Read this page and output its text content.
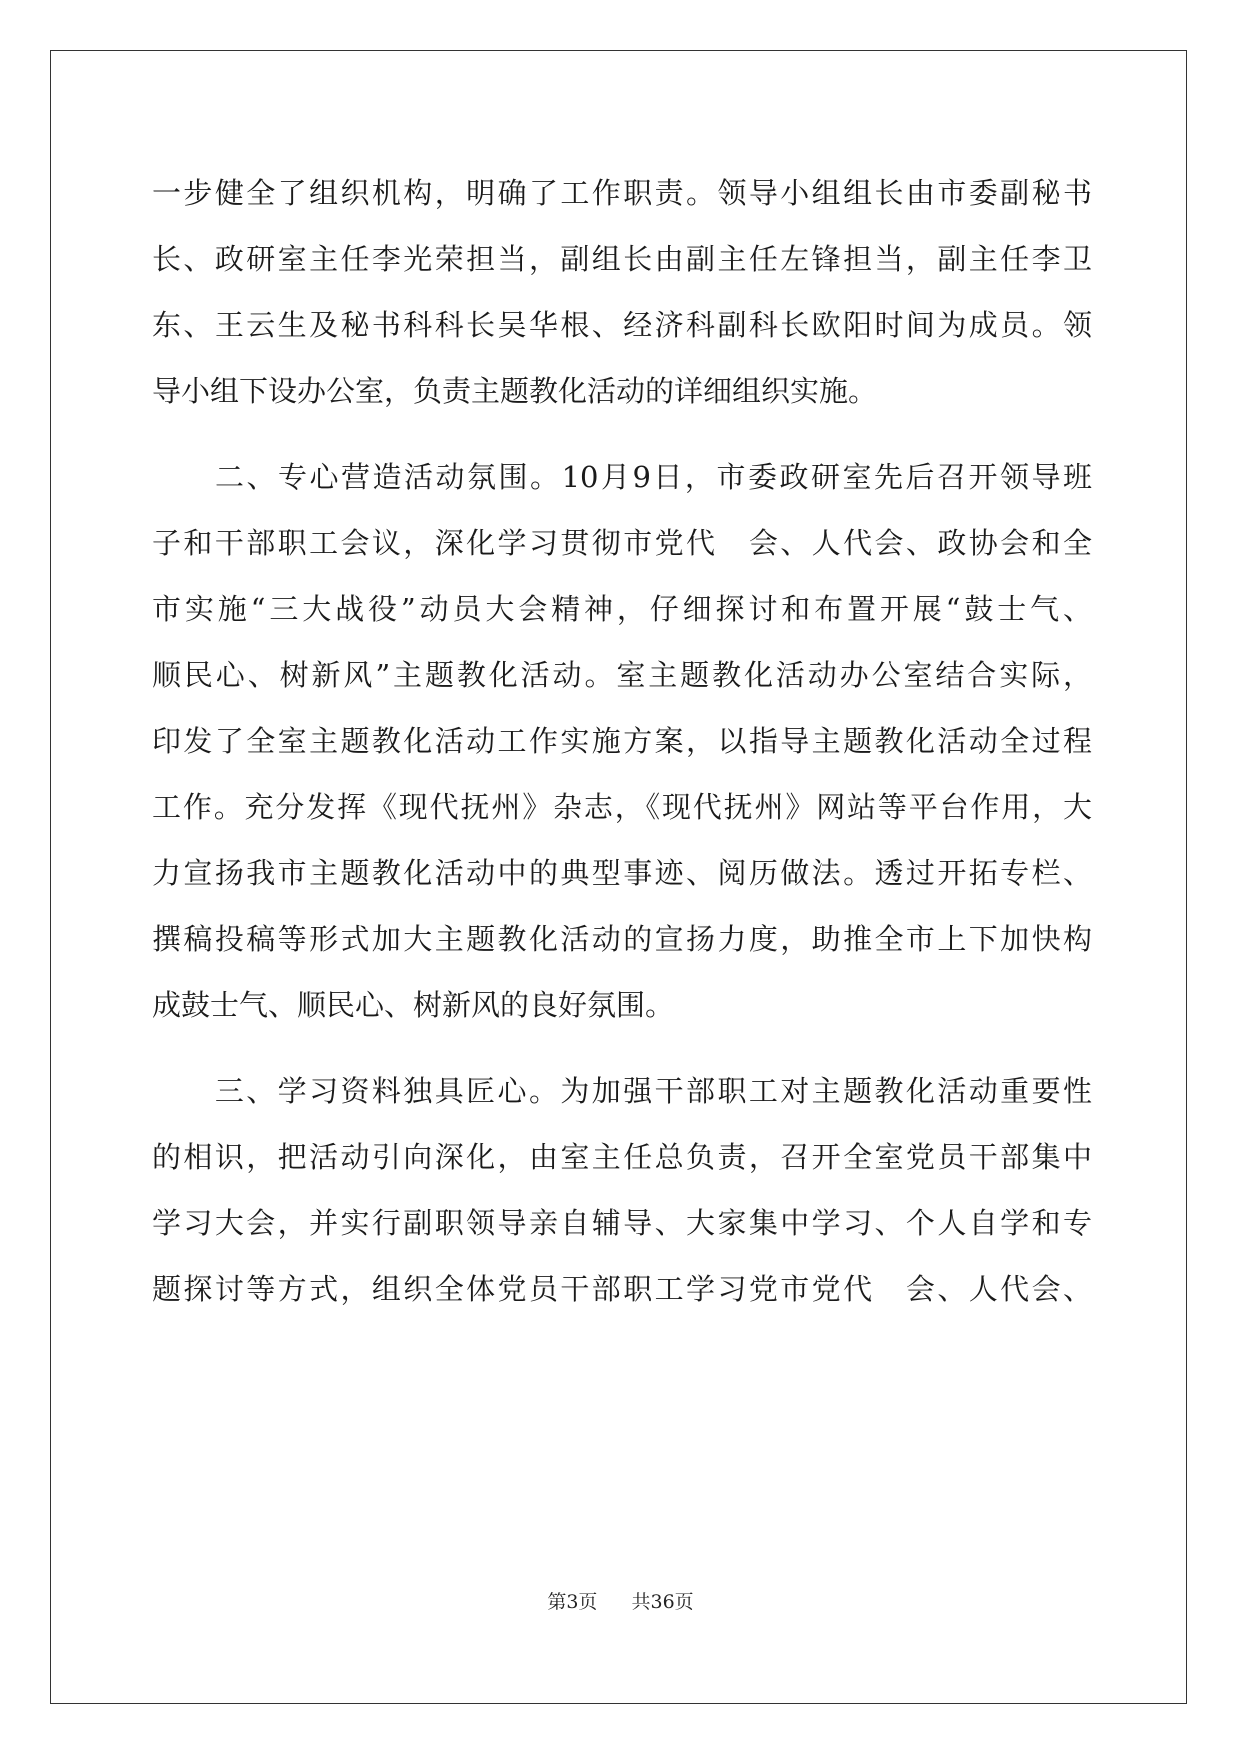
一步健全了组织机构，明确了工作职责。领导小组组长由市委副秘书
长、政研室主任李光荣担当，副组长由副主任左锋担当，副主任李卫
东、王云生及秘书科科长吴华根、经济科副科长欧阳时间为成员。领
导小组下设办公室，负责主题教化活动的详细组织实施。
　　二、专心营造活动氛围。10月9日，市委政研室先后召开领导班
子和干部职工会议，深化学习贯彻市党代　会、人代会、政协会和全
市实施“三大战役”动员大会精神，仔细探讨和布置开展“鼓士气、
顺民心、树新风”主题教化活动。室主题教化活动办公室结合实际，
印发了全室主题教化活动工作实施方案，以指导主题教化活动全过程
工作。充分发挥《现代抚州》杂志，《现代抚州》网站等平台作用，大
力宣扬我市主题教化活动中的典型事迹、阅历做法。透过开拓专栏、
撰稿投稿等形式加大主题教化活动的宣扬力度，助推全市上下加快构
成鼓士气、顺民心、树新风的良好氛围。
　　三、学习资料独具匠心。为加强干部职工对主题教化活动重要性
的相识，把活动引向深化，由室主任总负责，召开全室党员干部集中
学习大会，并实行副职领导亲自辅导、大家集中学习、个人自学和专
题探讨等方式，组织全体党员干部职工学习党市党代　会、人代会、
第3页 共36页
